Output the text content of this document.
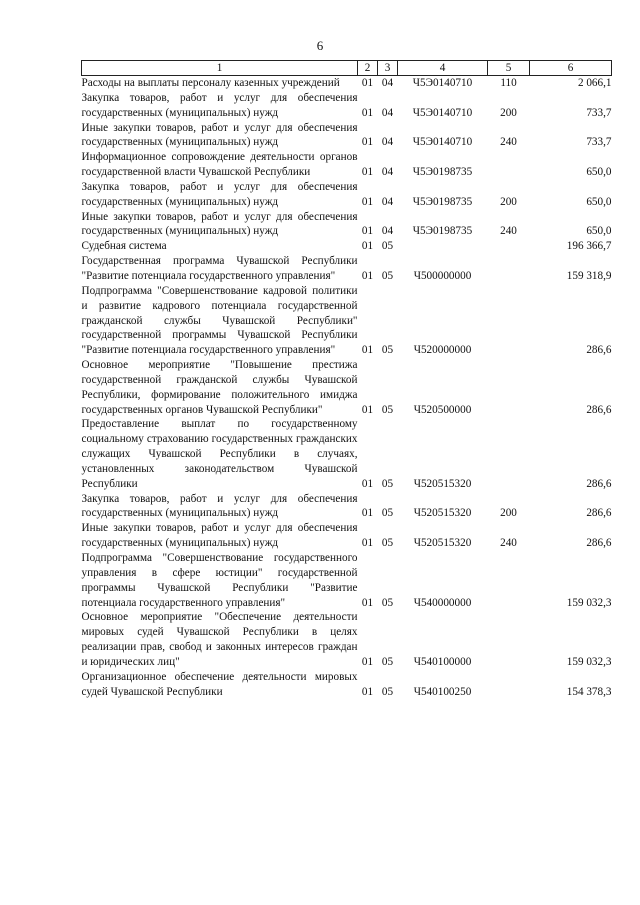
6
1	2	3	4	5	6
Расходы на выплаты персоналу казенных учреждений	01	04	Ч5Э0140710	110	2 066,1
Закупка товаров, работ и услуг для обеспечения государственных (муниципальных) нужд	01	04	Ч5Э0140710	200	733,7
Иные закупки товаров, работ и услуг для обеспечения государственных (муниципальных) нужд	01	04	Ч5Э0140710	240	733,7
Информационное сопровождение деятельности органов государственной власти Чувашской Республики	01	04	Ч5Э0198735		650,0
Закупка товаров, работ и услуг для обеспечения государственных (муниципальных) нужд	01	04	Ч5Э0198735	200	650,0
Иные закупки товаров, работ и услуг для обеспечения государственных (муниципальных) нужд	01	04	Ч5Э0198735	240	650,0
Судебная система	01	05			196 366,7
Государственная программа Чувашской Республики "Развитие потенциала государственного управления"	01	05	Ч500000000		159 318,9
Подпрограмма "Совершенствование кадровой политики и развитие кадрового потенциала государственной гражданской службы Чувашской Республики" государственной программы Чувашской Республики "Развитие потенциала государственного управления"	01	05	Ч520000000		286,6
Основное мероприятие "Повышение престижа государственной гражданской службы Чувашской Республики, формирование положительного имиджа государственных органов Чувашской Республики"	01	05	Ч520500000		286,6
Предоставление выплат по государственному социальному страхованию государственных гражданских служащих Чувашской Республики в случаях, установленных законодательством Чувашской Республики	01	05	Ч520515320		286,6
Закупка товаров, работ и услуг для обеспечения государственных (муниципальных) нужд	01	05	Ч520515320	200	286,6
Иные закупки товаров, работ и услуг для обеспечения государственных (муниципальных) нужд	01	05	Ч520515320	240	286,6
Подпрограмма "Совершенствование государственного управления в сфере юстиции" государственной программы Чувашской Республики "Развитие потенциала государственного управления"	01	05	Ч540000000		159 032,3
Основное мероприятие "Обеспечение деятельности мировых судей Чувашской Республики в целях реализации прав, свобод и законных интересов граждан и юридических лиц"	01	05	Ч540100000		159 032,3
Организационное обеспечение деятельности мировых судей Чувашской Республики	01	05	Ч540100250		154 378,3
